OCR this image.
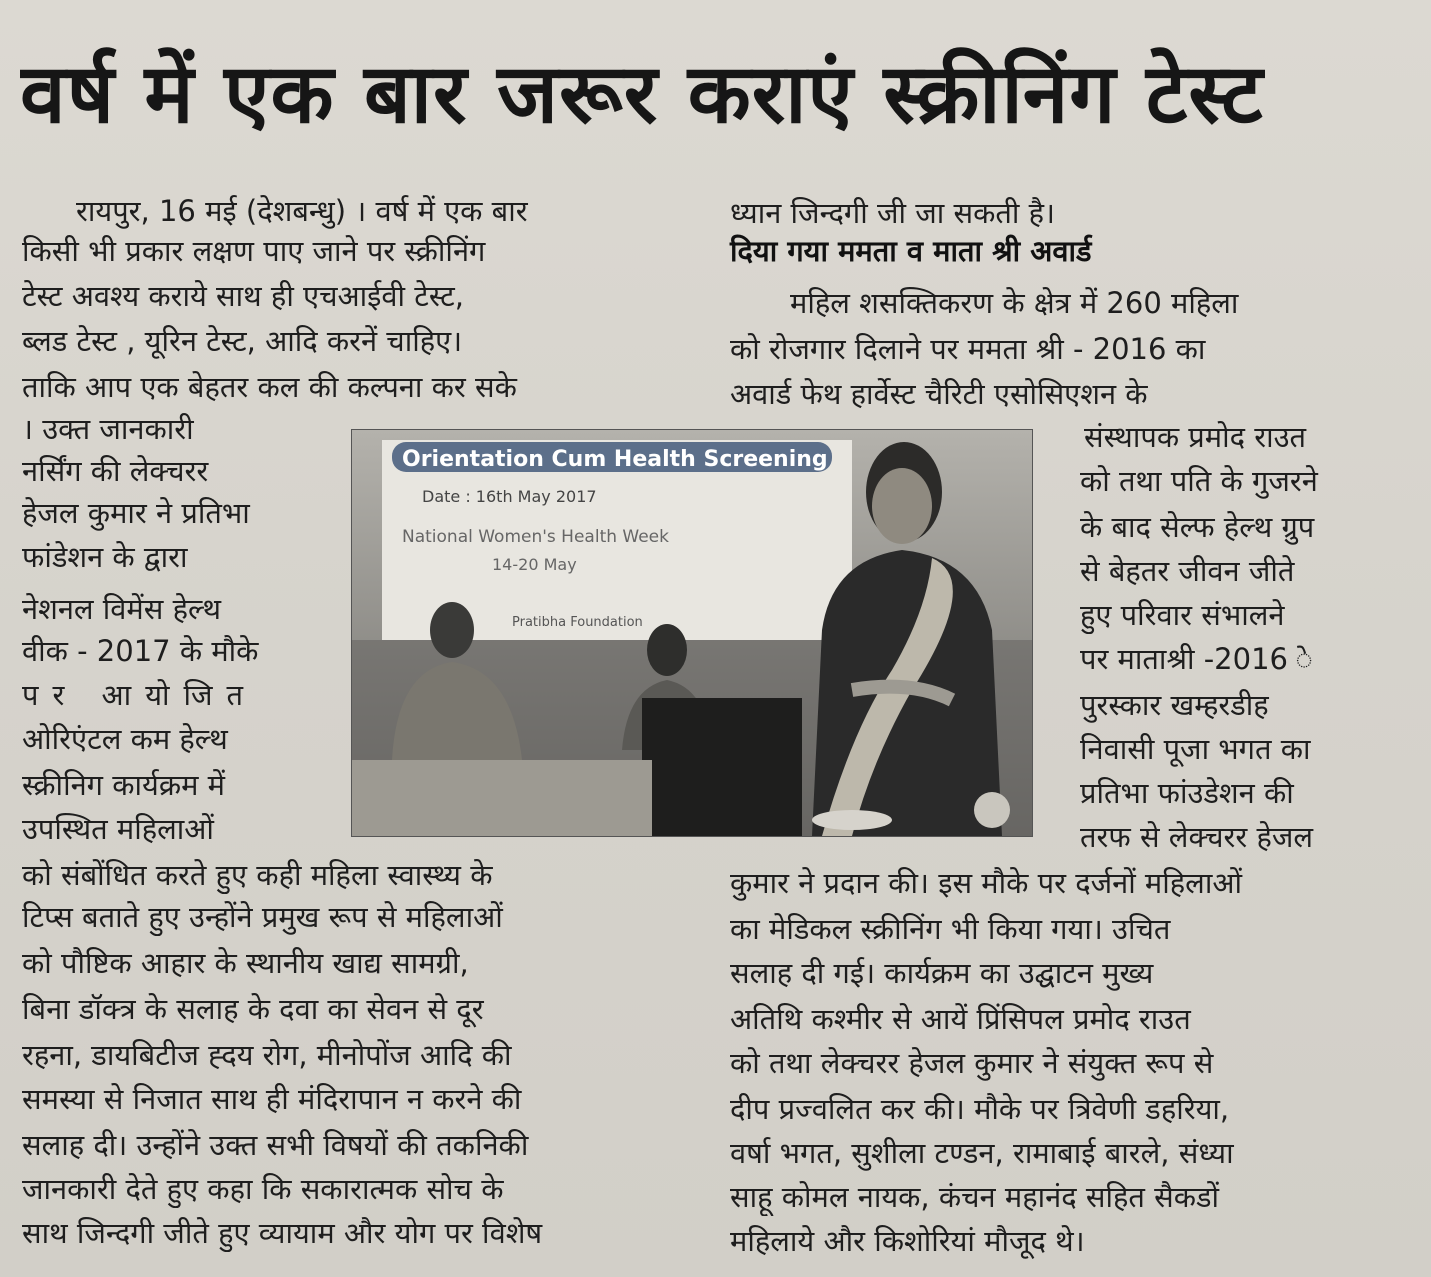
वर्ष में एक बार जरूर कराएं स्क्रीनिंग टेस्ट
रायपुर, 16 मई (देशबन्धु) । वर्ष में एक बार
किसी भी प्रकार लक्षण पाए जाने पर स्क्रीनिंग
टेस्ट अवश्य कराये साथ ही एचआईवी टेस्ट,
ब्लड टेस्ट , यूरिन टेस्ट, आदि करनें चाहिए।
ताकि आप एक बेहतर कल की कल्पना कर सके
। उक्त जानकारी
नर्सिंग की लेक्चरर
हेजल कुमार ने प्रतिभा
फांडेशन के द्वारा
नेशनल विमेंस हेल्थ
वीक - 2017 के मौके
पर आयोजित
ओरिएंटल कम हेल्थ
स्क्रीनिग कार्यक्रम में
उपस्थित महिलाओं
को संबोंधित करते हुए कही महिला स्वास्थ्य के
टिप्स बताते हुए उन्होंने प्रमुख रूप से महिलाओं
को पौष्टिक आहार के स्थानीय खाद्य सामग्री,
बिना डॉक्त्र के सलाह के दवा का सेवन से दूर
रहना, डायबिटीज ह्दय रोग, मीनोपोंज आदि की
समस्या से निजात साथ ही मंदिरापान न करने की
सलाह दी। उन्होंने उक्त सभी विषयों की तकनिकी
जानकारी देते हुए कहा कि सकारात्मक सोच के
साथ जिन्दगी जीते हुए व्यायाम और योग पर विशेष
ध्यान जिन्दगी जी जा सकती है।
दिया गया ममता व माता श्री अवार्ड
महिल शसक्तिकरण के क्षेत्र में 260 महिला
को रोजगार दिलाने पर ममता श्री - 2016 का
अवार्ड फेथ हार्वेस्ट चैरिटी एसोसिएशन के
संस्थापक प्रमोद राउत
को तथा पति के गुजरने
के बाद सेल्फ हेल्थ ग्रुप
से बेहतर जीवन जीते
हुए परिवार संभालने
पर माताश्री -2016 े
पुरस्कार खम्हरडीह
निवासी पूजा भगत का
प्रतिभा फांउडेशन की
तरफ से लेक्चरर हेजल
कुमार ने प्रदान की। इस मौके पर दर्जनों महिलाओं
का मेडिकल स्क्रीनिंग भी किया गया। उचित
सलाह दी गई। कार्यक्रम का उद्घाटन मुख्य
अतिथि कश्मीर से आयें प्रिंसिपल प्रमोद राउत
को तथा लेक्चरर हेजल कुमार ने संयुक्त रूप से
दीप प्रज्वलित कर की। मौके पर त्रिवेणी डहरिया,
वर्षा भगत, सुशीला टण्डन, रामाबाई बारले, संध्या
साहू कोमल नायक, कंचन महानंद सहित सैकडों
महिलाये और किशोरियां मौजूद थे।
Orientation Cum Health Screening
Date : 16th May 2017
National Women's Health Week
14-20 May
Pratibha Foundation
